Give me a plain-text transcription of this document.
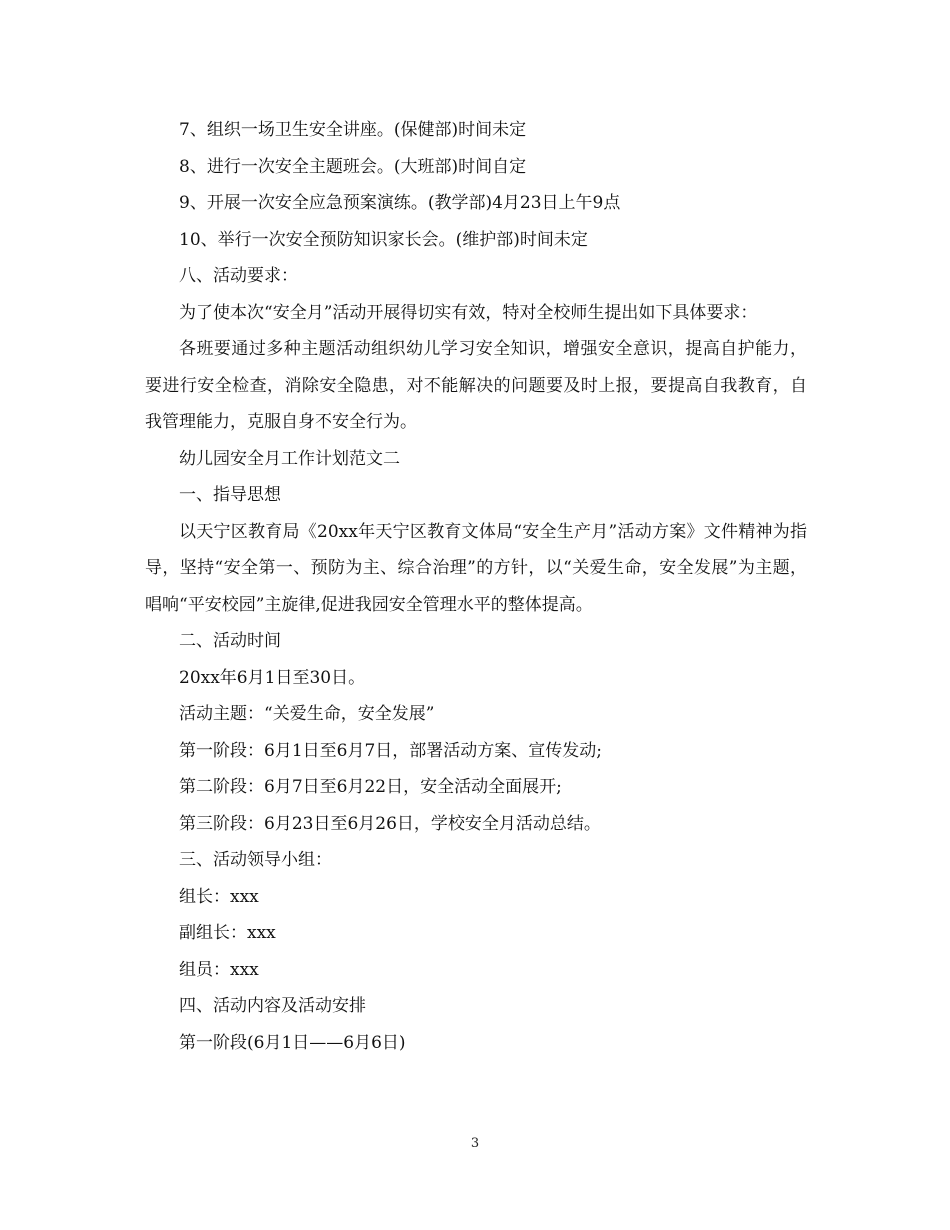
7、组织一场卫生安全讲座。(保健部)时间未定

8、进行一次安全主题班会。(大班部)时间自定

9、开展一次安全应急预案演练。(教学部)4月23日上午9点

10、举行一次安全预防知识家长会。(维护部)时间未定

八、活动要求：

为了使本次“安全月”活动开展得切实有效，特对全校师生提出如下具体要求：

各班要通过多种主题活动组织幼儿学习安全知识，增强安全意识，提高自护能力，要进行安全检查，消除安全隐患，对不能解决的问题要及时上报，要提高自我教育，自我管理能力，克服自身不安全行为。

幼儿园安全月工作计划范文二

一、指导思想

以天宁区教育局《20xx年天宁区教育文体局“安全生产月”活动方案》文件精神为指导，坚持“安全第一、预防为主、综合治理”的方针，以“关爱生命，安全发展”为主题，唱响“平安校园”主旋律,促进我园安全管理水平的整体提高。

二、活动时间

20xx年6月1日至30日。

活动主题：“关爱生命，安全发展”

第一阶段：6月1日至6月7日，部署活动方案、宣传发动;

第二阶段：6月7日至6月22日，安全活动全面展开;

第三阶段：6月23日至6月26日，学校安全月活动总结。

三、活动领导小组：

组长：xxx

副组长：xxx

组员：xxx

四、活动内容及活动安排

第一阶段(6月1日——6月6日)

3
